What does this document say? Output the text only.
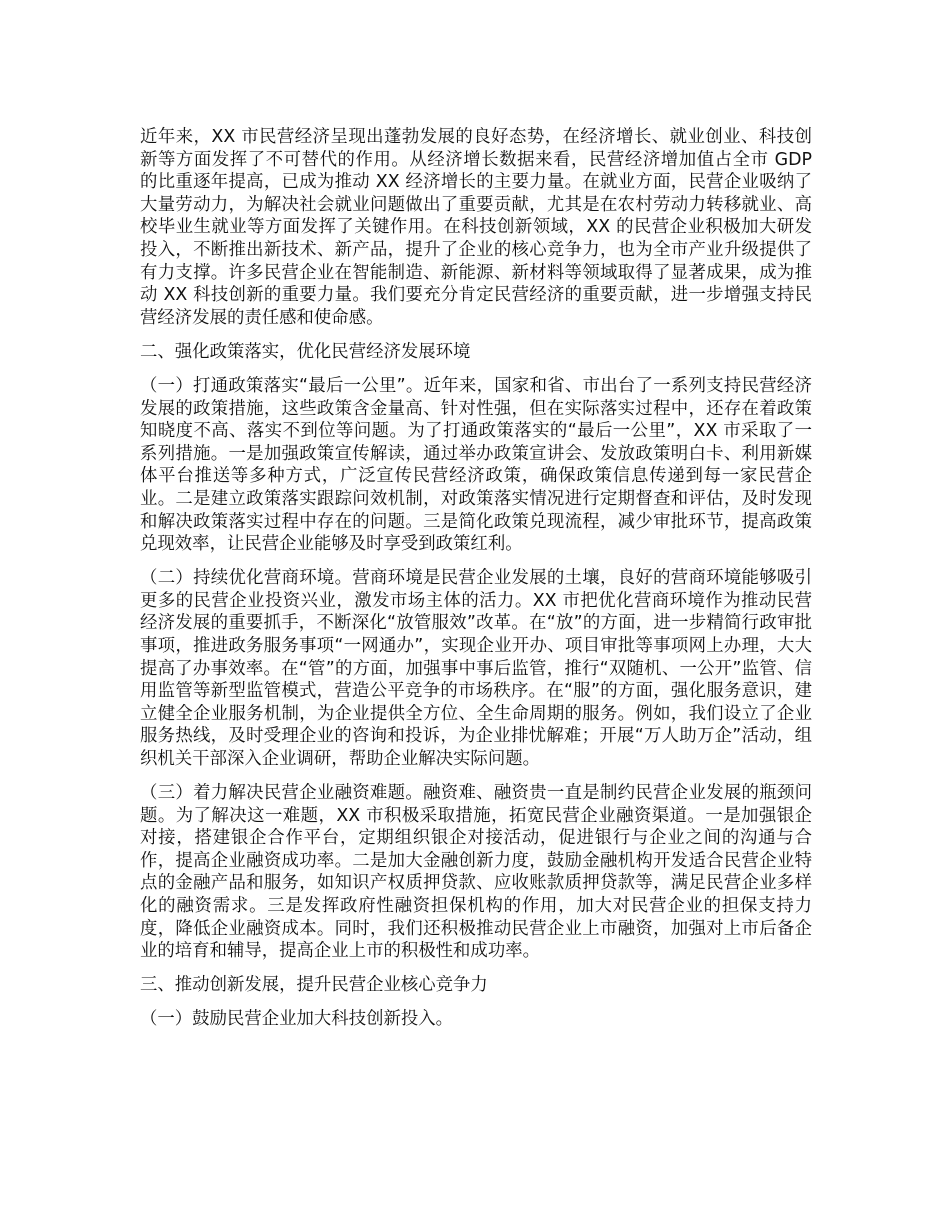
近年来，XX 市民营经济呈现出蓬勃发展的良好态势，在经济增长、就业创业、科技创新等方面发挥了不可替代的作用。从经济增长数据来看，民营经济增加值占全市 GDP 的比重逐年提高，已成为推动 XX 经济增长的主要力量。在就业方面，民营企业吸纳了大量劳动力，为解决社会就业问题做出了重要贡献，尤其是在农村劳动力转移就业、高校毕业生就业等方面发挥了关键作用。在科技创新领域，XX 的民营企业积极加大研发投入，不断推出新技术、新产品，提升了企业的核心竞争力，也为全市产业升级提供了有力支撑。许多民营企业在智能制造、新能源、新材料等领域取得了显著成果，成为推动 XX 科技创新的重要力量。我们要充分肯定民营经济的重要贡献，进一步增强支持民营经济发展的责任感和使命感。

二、强化政策落实，优化民营经济发展环境

（一）打通政策落实“最后一公里”。近年来，国家和省、市出台了一系列支持民营经济发展的政策措施，这些政策含金量高、针对性强，但在实际落实过程中，还存在着政策知晓度不高、落实不到位等问题。为了打通政策落实的“最后一公里”，XX 市采取了一系列措施。一是加强政策宣传解读，通过举办政策宣讲会、发放政策明白卡、利用新媒体平台推送等多种方式，广泛宣传民营经济政策，确保政策信息传递到每一家民营企业。二是建立政策落实跟踪问效机制，对政策落实情况进行定期督查和评估，及时发现和解决政策落实过程中存在的问题。三是简化政策兑现流程，减少审批环节，提高政策兑现效率，让民营企业能够及时享受到政策红利。

（二）持续优化营商环境。营商环境是民营企业发展的土壤，良好的营商环境能够吸引更多的民营企业投资兴业，激发市场主体的活力。XX 市把优化营商环境作为推动民营经济发展的重要抓手，不断深化“放管服效”改革。在“放”的方面，进一步精简行政审批事项，推进政务服务事项“一网通办”，实现企业开办、项目审批等事项网上办理，大大提高了办事效率。在“管”的方面，加强事中事后监管，推行“双随机、一公开”监管、信用监管等新型监管模式，营造公平竞争的市场秩序。在“服”的方面，强化服务意识，建立健全企业服务机制，为企业提供全方位、全生命周期的服务。例如，我们设立了企业服务热线，及时受理企业的咨询和投诉，为企业排忧解难；开展“万人助万企”活动，组织机关干部深入企业调研，帮助企业解决实际问题。

（三）着力解决民营企业融资难题。融资难、融资贵一直是制约民营企业发展的瓶颈问题。为了解决这一难题，XX 市积极采取措施，拓宽民营企业融资渠道。一是加强银企对接，搭建银企合作平台，定期组织银企对接活动，促进银行与企业之间的沟通与合作，提高企业融资成功率。二是加大金融创新力度，鼓励金融机构开发适合民营企业特点的金融产品和服务，如知识产权质押贷款、应收账款质押贷款等，满足民营企业多样化的融资需求。三是发挥政府性融资担保机构的作用，加大对民营企业的担保支持力度，降低企业融资成本。同时，我们还积极推动民营企业上市融资，加强对上市后备企业的培育和辅导，提高企业上市的积极性和成功率。

三、推动创新发展，提升民营企业核心竞争力

（一）鼓励民营企业加大科技创新投入。
